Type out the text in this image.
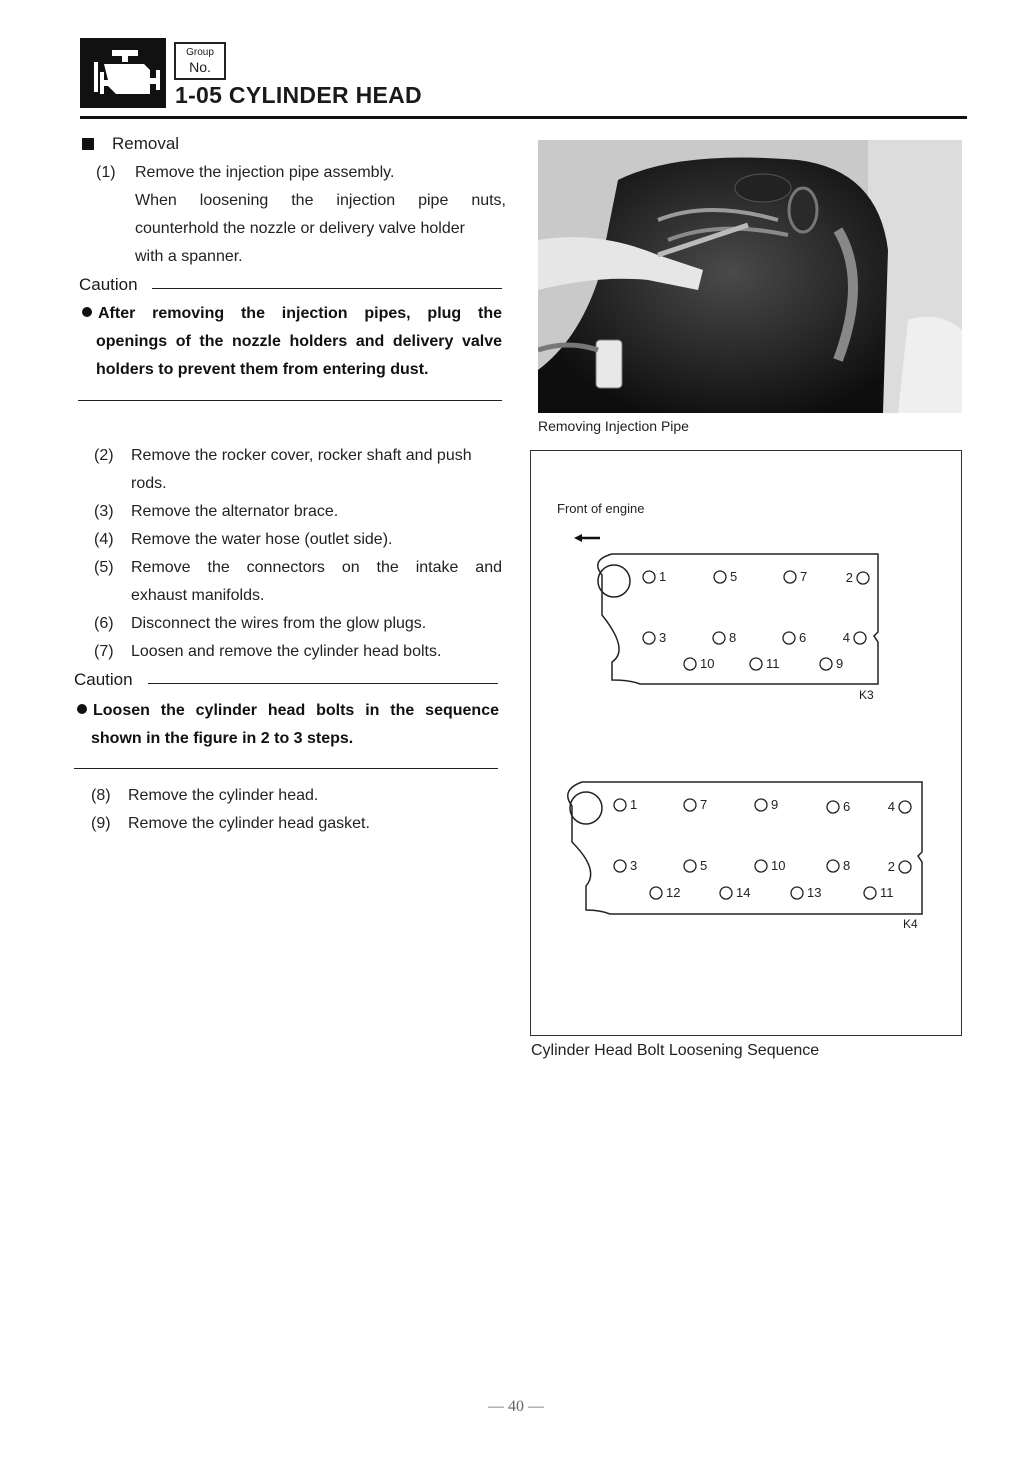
Group
No.
1-05 CYLINDER HEAD
Removal
(1) Remove the injection pipe assembly.
When loosening the injection pipe nuts,
counterhold the nozzle or delivery valve holder
with a spanner.
Caution
After removing the injection pipes, plug the
openings of the nozzle holders and delivery valve
holders to prevent them from entering dust.
(2) Remove the rocker cover, rocker shaft and push
rods.
(3) Remove the alternator brace.
(4) Remove the water hose (outlet side).
(5) Remove the connectors on the intake and
exhaust manifolds.
(6) Disconnect the wires from the glow plugs.
(7) Loosen and remove the cylinder head bolts.
Caution
Loosen the cylinder head bolts in the sequence
shown in the figure in 2 to 3 steps.
(8) Remove the cylinder head.
(9) Remove the cylinder head gasket.
Removing Injection Pipe
Front of engine
1	5	7	2
3	8	6	4
10	11	9
1	7	9	6	4
3	5	10	8	2
12	14	13	11
K3
K4
Cylinder Head Bolt Loosening Sequence
— 40 —
